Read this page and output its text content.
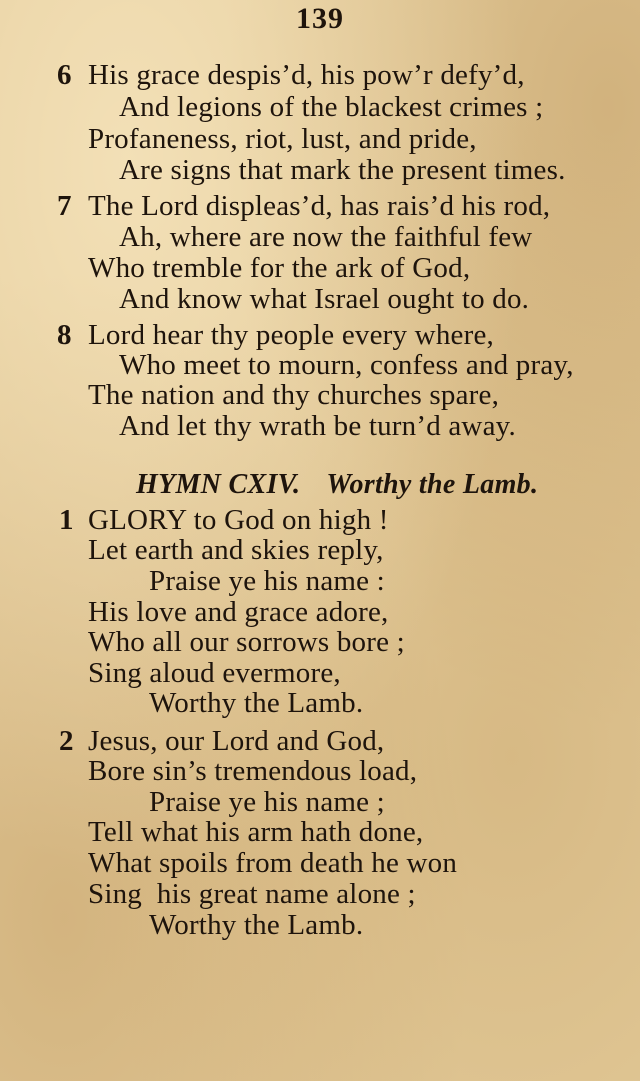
139
6 His grace despis’d, his pow’r defy’d,
And legions of the blackest crimes ;
Profaneness, riot, lust, and pride,
Are signs that mark the present times.
7 The Lord displeas’d, has rais’d his rod,
Ah, where are now the faithful few
Who tremble for the ark of God,
And know what Israel ought to do.
8 Lord hear thy people every where,
Who meet to mourn, confess and pray,
The nation and thy churches spare,
And let thy wrath be turn’d away.
HYMN CXIV. Worthy the Lamb.
1 GLORY to God on high !
Let earth and skies reply,
Praise ye his name :
His love and grace adore,
Who all our sorrows bore ;
Sing aloud evermore,
Worthy the Lamb.
2 Jesus, our Lord and God,
Bore sin’s tremendous load,
Praise ye his name ;
Tell what his arm hath done,
What spoils from death he won
Sing  his great name alone ;
Worthy the Lamb.
